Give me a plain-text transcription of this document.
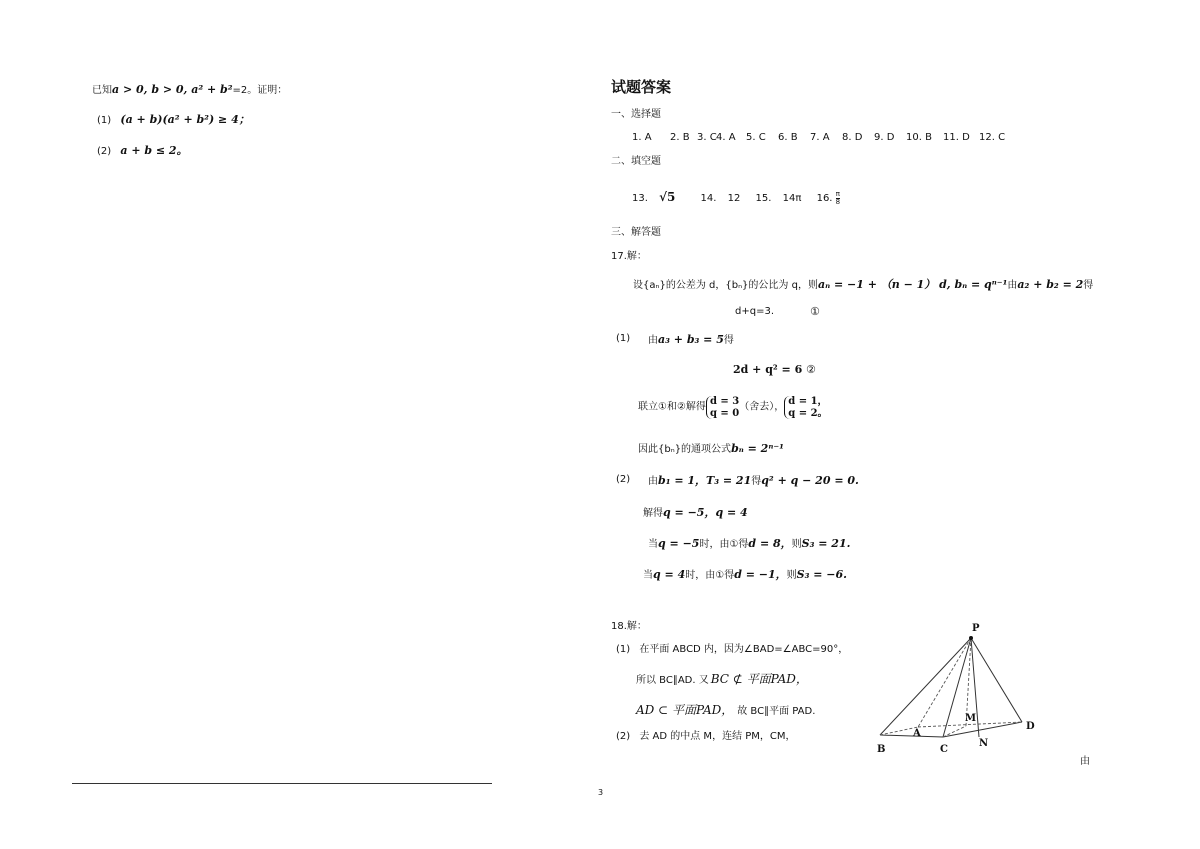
已知a > 0, b > 0, a² + b²=2。证明：
(1) (a + b)(a² + b²) ≥ 4；
(2) a + b ≤ 2。
试题答案
一、选择题
1. A 2. B 3. C 4. A 5. C 6. B 7. A 8. D 9. D 10. B 11. D 12. C
二、填空题
13. √5	14. 12 15. 14π 16. $\frac{\pi}{8}$
三、解答题
17.解：
设{aₙ}的公差为 d，{bₙ}的公比为 q，则aₙ = −1 + （n − 1） d, bₙ = qⁿ⁻¹由a₂ + b₂ = 2得
d+q=3.	①
(1) 由a₃ + b₃ = 5得
2d + q² = 6 ②
联立①和②解得 d = 3
q = 0
（舍去）， d = 1，
q = 2。
因此{bₙ}的通项公式bₙ = 2ⁿ⁻¹
(2) 由b₁ = 1，T₃ = 21得q² + q − 20 = 0.
解得q = −5，q = 4
当q = −5时，由①得d = 8，则S₃ = 21.
当q = 4时，由①得d = −1，则S₃ = −6.
18.解：
(1) 在平面 ABCD 内，因为∠BAD=∠ABC=90°，
所以 BC∥AD. 又 BC ⊄ 平面PAD，
AD ⊂ 平面PAD， 故 BC∥平面 PAD.
(2) 去 AD 的中点 M，连结 PM，CM，
由
P
M
A
D
B	C
N
3
